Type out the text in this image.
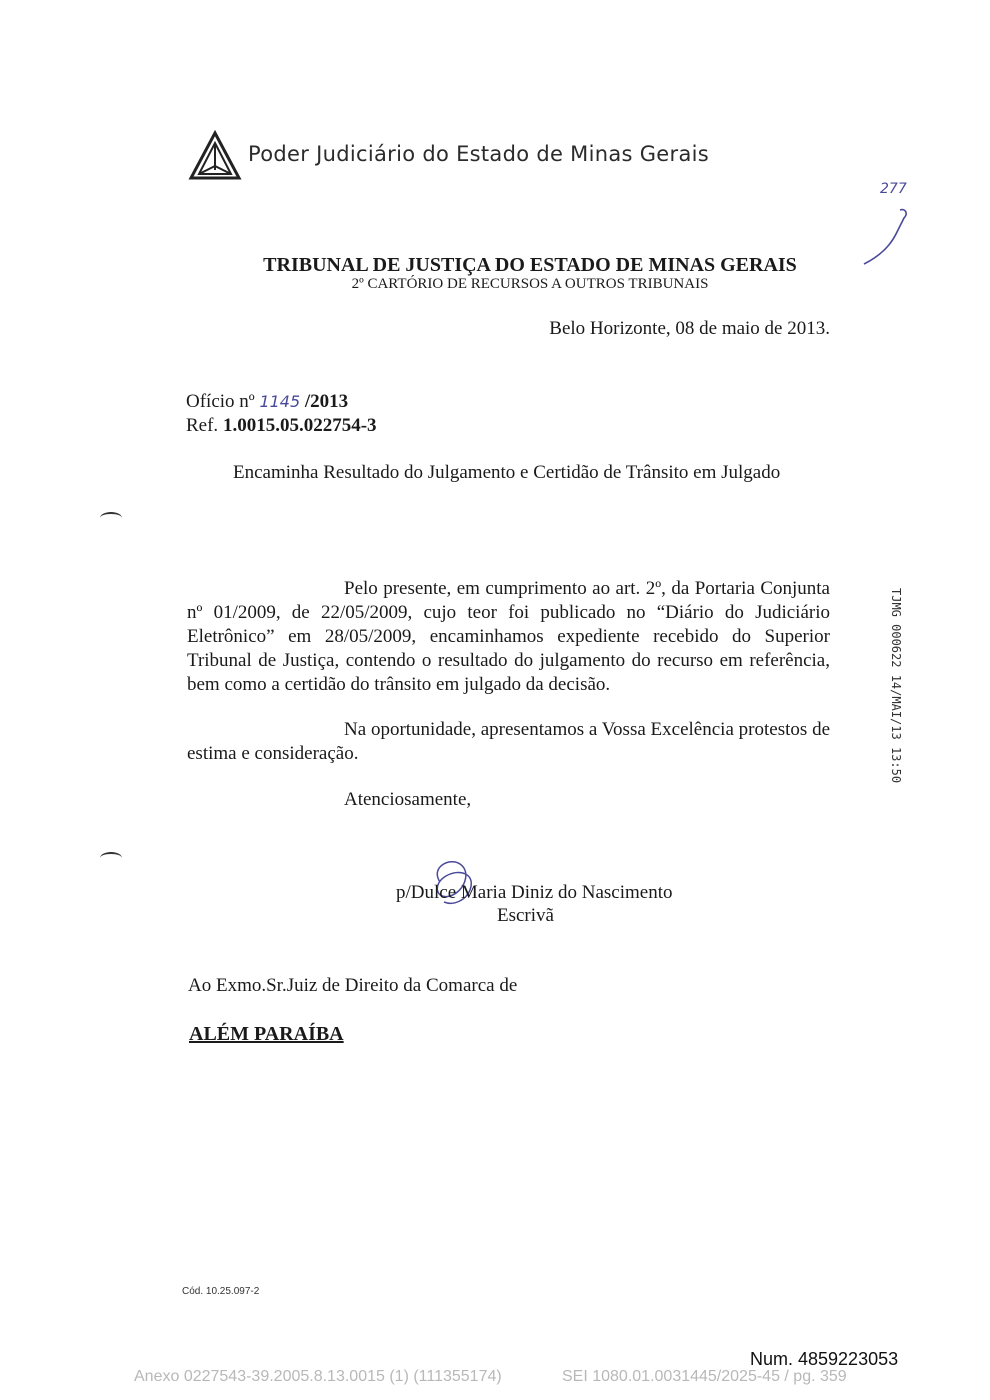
Poder Judiciário do Estado de Minas Gerais
277
TRIBUNAL DE JUSTIÇA DO ESTADO DE MINAS GERAIS
2º CARTÓRIO DE RECURSOS A OUTROS TRIBUNAIS
Belo Horizonte, 08 de maio de 2013.
Ofício nº 1145 /2013
Ref. 1.0015.05.022754-3
Encaminha Resultado do Julgamento e Certidão de Trânsito em Julgado
Pelo presente, em cumprimento ao art. 2º, da Portaria Conjunta nº 01/2009, de 22/05/2009, cujo teor foi publicado no “Diário do Judiciário Eletrônico” em 28/05/2009, encaminhamos expediente recebido do Superior Tribunal de Justiça, contendo o resultado do julgamento do recurso em referência, bem como a certidão do trânsito em julgado da decisão.
Na oportunidade, apresentamos a Vossa Excelência protestos de estima e consideração.
Atenciosamente,
p/Dulce Maria Diniz do Nascimento
Escrivã
Ao Exmo.Sr.Juiz de Direito da Comarca de
ALÉM PARAÍBA
TJMG 000622 14/MAI/13 13:50
Cód. 10.25.097-2
Num. 4859223053
Anexo 0227543-39.2005.8.13.0015 (1) (111355174)	SEI 1080.01.0031445/2025-45 / pg. 359
